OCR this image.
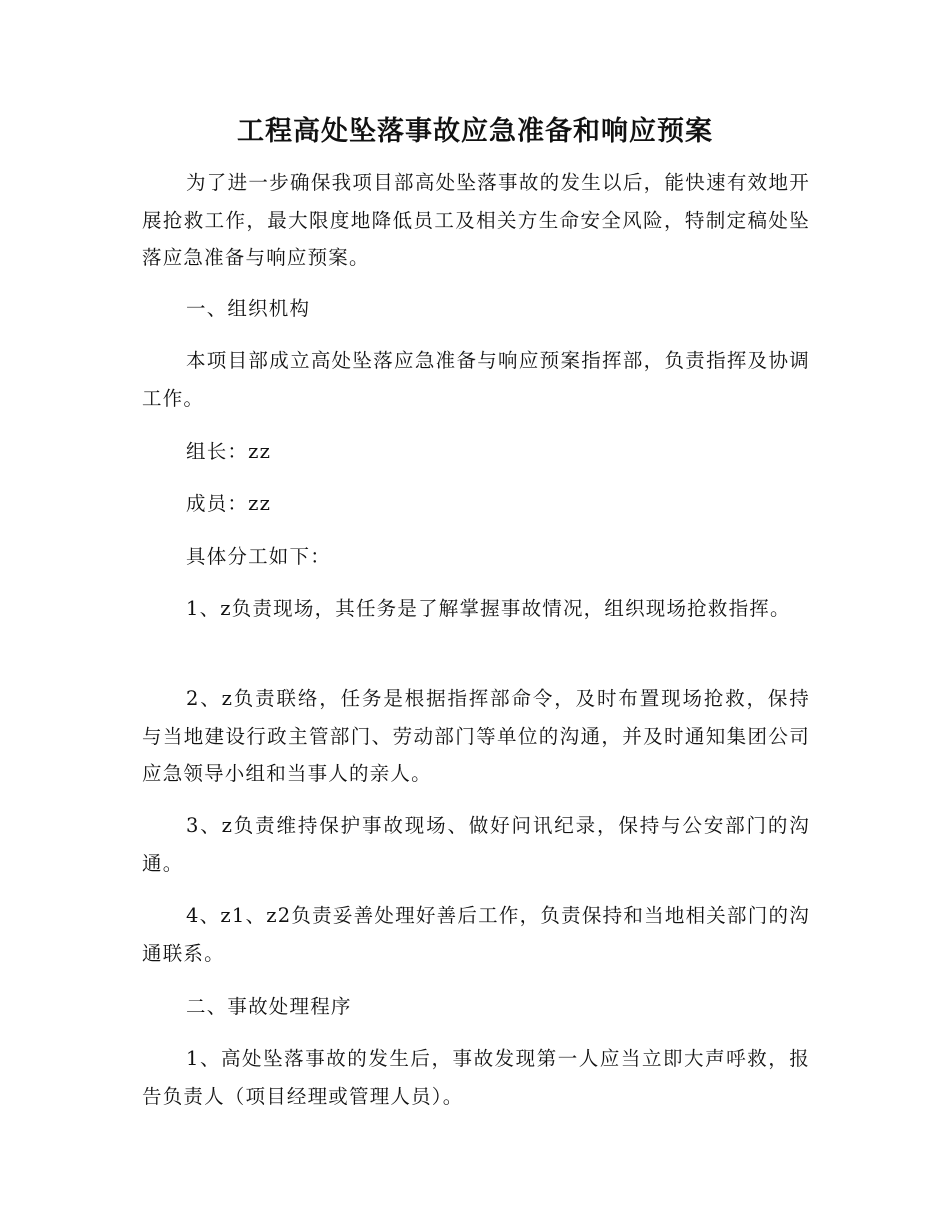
工程高处坠落事故应急准备和响应预案

为了进一步确保我项目部高处坠落事故的发生以后，能快速有效地开展抢救工作，最大限度地降低员工及相关方生命安全风险，特制定稿处坠落应急准备与响应预案。

一、组织机构

本项目部成立高处坠落应急准备与响应预案指挥部，负责指挥及协调工作。

组长：zz

成员：zz

具体分工如下：

1、z负责现场，其任务是了解掌握事故情况，组织现场抢救指挥。

2、z负责联络，任务是根据指挥部命令，及时布置现场抢救，保持与当地建设行政主管部门、劳动部门等单位的沟通，并及时通知集团公司应急领导小组和当事人的亲人。

3、z负责维持保护事故现场、做好问讯纪录，保持与公安部门的沟通。

4、z1、z2负责妥善处理好善后工作，负责保持和当地相关部门的沟通联系。

二、事故处理程序

1、高处坠落事故的发生后，事故发现第一人应当立即大声呼救，报告负责人（项目经理或管理人员）。
